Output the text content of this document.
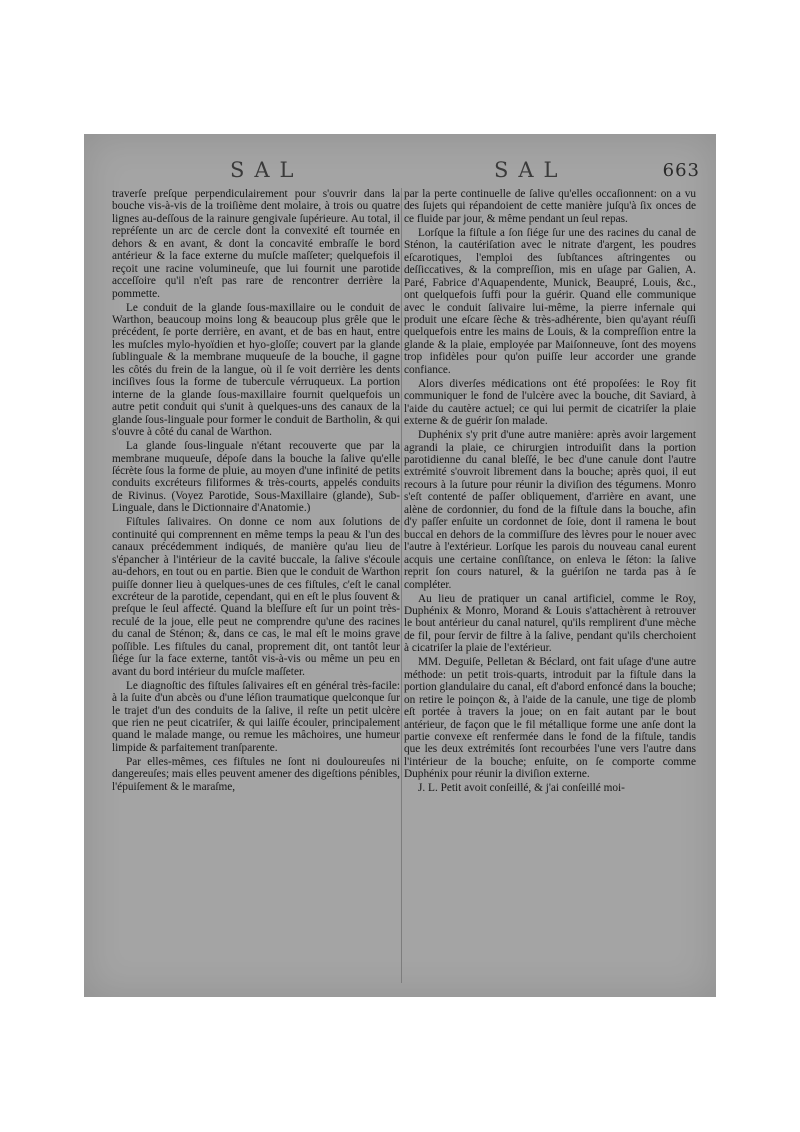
SAL	SAL	663

traverſe preſque perpendiculairement pour s'ouvrir dans la bouche vis-à-vis de la troiſième dent molaire, à trois ou quatre lignes au-deſſous de la rainure gengivale ſupérieure. Au total, il repréſente un arc de cercle dont la convexité eſt tournée en dehors & en avant, & dont la concavité embraſſe le bord antérieur & la face externe du muſcle maſſeter; quelquefois il reçoit une racine volumineuſe, que lui fournit une parotide acceſſoire qu'il n'eſt pas rare de rencontrer derrière la pommette.

Le conduit de la glande ſous-maxillaire ou le conduit de Warthon, beaucoup moins long & beaucoup plus grêle que le précédent, ſe porte derrière, en avant, et de bas en haut, entre les muſcles mylo-hyoïdien et hyo-gloſſe; couvert par la glande ſublinguale & la membrane muqueuſe de la bouche, il gagne les côtés du frein de la langue, où il ſe voit derrière les dents inciſives ſous la forme de tubercule vérruqueux. La portion interne de la glande ſous-maxillaire fournit quelquefois un autre petit conduit qui s'unit à quelques-uns des canaux de la glande ſous-linguale pour former le conduit de Bartholin, & qui s'ouvre à côté du canal de Warthon.

La glande ſous-linguale n'étant recouverte que par la membrane muqueuſe, dépoſe dans la bouche la ſalive qu'elle ſécrète ſous la forme de pluie, au moyen d'une infinité de petits conduits excréteurs filiformes & très-courts, appelés conduits de Rivinus. (Voyez Parotide, Sous-Maxillaire (glande), Sub-Linguale, dans le Dictionnaire d'Anatomie.)

Fiſtules ſalivaires. On donne ce nom aux ſolutions de continuité qui comprennent en même temps la peau & l'un des canaux précédemment indiqués, de manière qu'au lieu de s'épancher à l'intérieur de la cavité buccale, la ſalive s'écoule au-dehors, en tout ou en partie. Bien que le conduit de Warthon puiſſe donner lieu à quelques-unes de ces fiſtules, c'eſt le canal excréteur de la parotide, cependant, qui en eſt le plus ſouvent & preſque le ſeul affecté. Quand la bleſſure eſt ſur un point très-reculé de la joue, elle peut ne comprendre qu'une des racines du canal de Sténon; &, dans ce cas, le mal eſt le moins grave poſſible. Les fiſtules du canal, proprement dit, ont tantôt leur ſiége ſur la face externe, tantôt vis-à-vis ou même un peu en avant du bord intérieur du muſcle maſſeter.

Le diagnoſtic des fiſtules ſalivaires eſt en général très-facile: à la ſuite d'un abcès ou d'une léſion traumatique quelconque ſur le trajet d'un des conduits de la ſalive, il reſte un petit ulcère que rien ne peut cicatriſer, & qui laiſſe écouler, principalement quand le malade mange, ou remue les mâchoires, une humeur limpide & parfaitement tranſparente.

Par elles-mêmes, ces fiſtules ne ſont ni douloureuſes ni dangereuſes; mais elles peuvent amener des digeſtions pénibles, l'épuiſement & le maraſme,

par la perte continuelle de ſalive qu'elles occaſionnent: on a vu des ſujets qui répandoient de cette manière juſqu'à ſix onces de ce fluide par jour, & même pendant un ſeul repas.

Lorſque la fiſtule a ſon ſiége ſur une des racines du canal de Sténon, la cautériſation avec le nitrate d'argent, les poudres eſcarotiques, l'emploi des ſubſtances aſtringentes ou deſſiccatives, & la compreſſion, mis en uſage par Galien, A. Paré, Fabrice d'Aquapendente, Munick, Beaupré, Louis, &c., ont quelquefois ſuffi pour la guérir. Quand elle communique avec le conduit ſalivaire lui-même, la pierre infernale qui produit une eſcare ſèche & très-adhérente, bien qu'ayant réuſſi quelquefois entre les mains de Louis, & la compreſſion entre la glande & la plaie, employée par Maiſonneuve, ſont des moyens trop infidèles pour qu'on puiſſe leur accorder une grande confiance.

Alors diverſes médications ont été propoſées: le Roy fit communiquer le fond de l'ulcère avec la bouche, dit Saviard, à l'aide du cautère actuel; ce qui lui permit de cicatriſer la plaie externe & de guérir ſon malade.

Duphénix s'y prit d'une autre manière: après avoir largement agrandi la plaie, ce chirurgien introduiſit dans la portion parotidienne du canal bleſſé, le bec d'une canule dont l'autre extrémité s'ouvroit librement dans la bouche; après quoi, il eut recours à la ſuture pour réunir la diviſion des tégumens. Monro s'eſt contenté de paſſer obliquement, d'arrière en avant, une alène de cordonnier, du fond de la fiſtule dans la bouche, afin d'y paſſer enſuite un cordonnet de ſoie, dont il ramena le bout buccal en dehors de la commiſſure des lèvres pour le nouer avec l'autre à l'extérieur. Lorſque les parois du nouveau canal eurent acquis une certaine conſiſtance, on enleva le ſéton: la ſalive reprit ſon cours naturel, & la guériſon ne tarda pas à ſe compléter.

Au lieu de pratiquer un canal artificiel, comme le Roy, Duphénix & Monro, Morand & Louis s'attachèrent à retrouver le bout antérieur du canal naturel, qu'ils remplirent d'une mèche de fil, pour ſervir de filtre à la ſalive, pendant qu'ils cherchoient à cicatriſer la plaie de l'extérieur.

MM. Deguiſe, Pelletan & Béclard, ont fait uſage d'une autre méthode: un petit trois-quarts, introduit par la fiſtule dans la portion glandulaire du canal, eſt d'abord enfoncé dans la bouche; on retire le poinçon &, à l'aide de la canule, une tige de plomb eſt portée à travers la joue; on en fait autant par le bout antérieur, de façon que le fil métallique forme une anſe dont la partie convexe eſt renfermée dans le fond de la fiſtule, tandis que les deux extrémités ſont recourbées l'une vers l'autre dans l'intérieur de la bouche; enſuite, on ſe comporte comme Duphénix pour réunir la diviſion externe.

J. L. Petit avoit conſeillé, & j'ai conſeillé moi-
